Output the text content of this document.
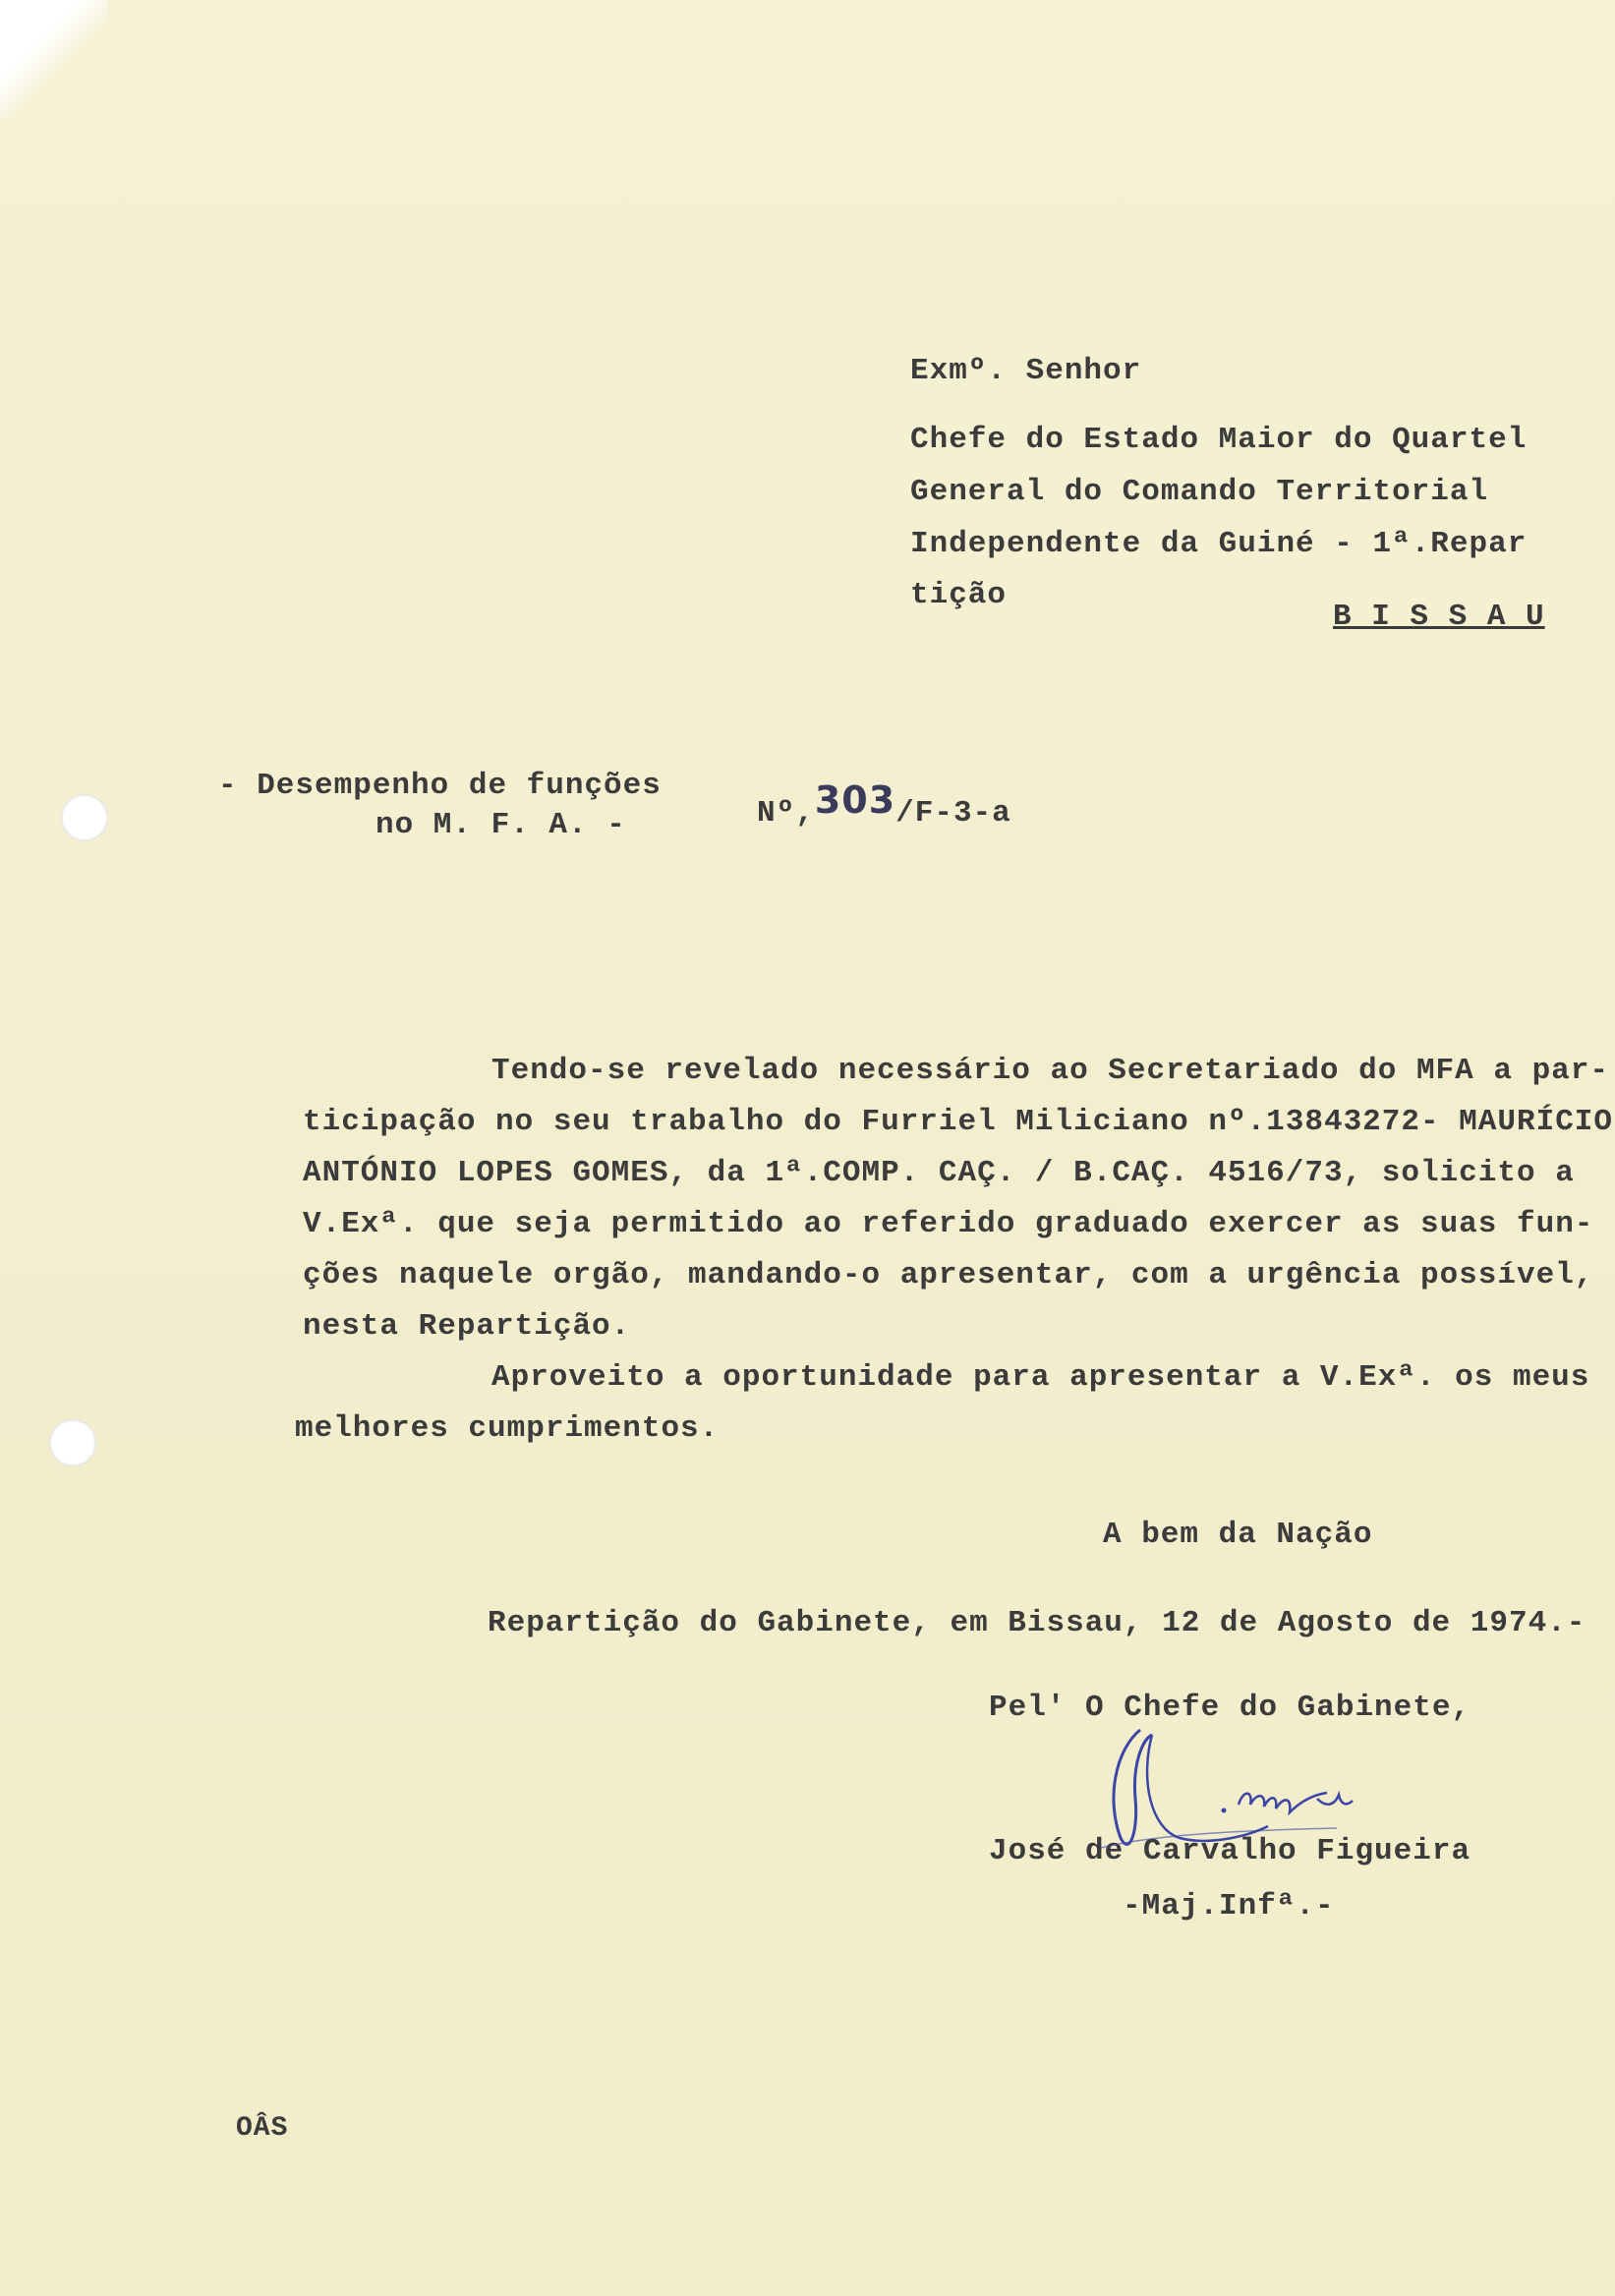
Exmº. Senhor
Chefe do Estado Maior do Quartel
General do Comando Territorial
Independente da Guiné - 1ª.Repar
tição
B I S S A U
- Desempenho de funções
no M. F. A. -	Nº,303/F-3-a
Tendo-se revelado necessário ao Secretariado do MFA a par-
ticipação no seu trabalho do Furriel Miliciano nº.13843272- MAURÍCIO
ANTÓNIO LOPES GOMES, da 1ª.COMP. CAÇ. / B.CAÇ. 4516/73, solicito a
V.Exª. que seja permitido ao referido graduado exercer as suas fun-
ções naquele orgão, mandando-o apresentar, com a urgência possível,
nesta Repartição.
Aproveito a oportunidade para apresentar a V.Exª. os meus
melhores cumprimentos.
A bem da Nação
Repartição do Gabinete, em Bissau, 12 de Agosto de 1974.-
Pel' O Chefe do Gabinete,
José de Carvalho Figueira
-Maj.Infª.-
OÂS
